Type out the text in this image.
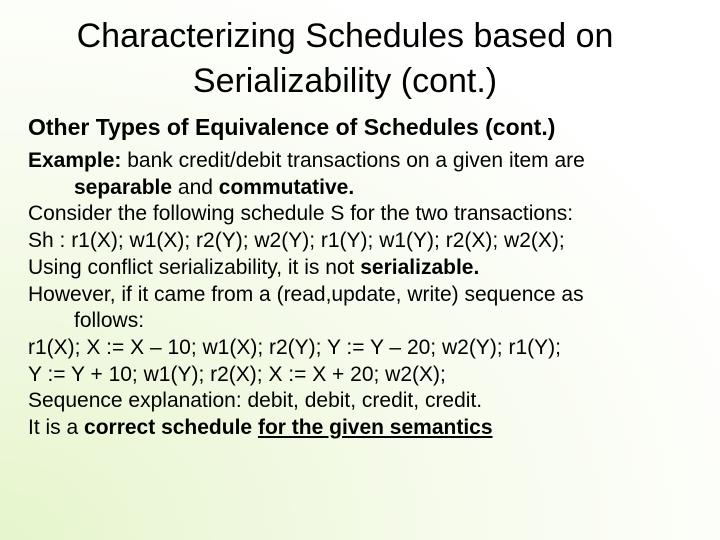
Characterizing Schedules based on
Serializability (cont.)
Other Types of Equivalence of Schedules (cont.)
Example: bank credit/debit transactions on a given item are
separable and commutative.
Consider the following schedule S for the two transactions:
Sh : r1(X); w1(X); r2(Y); w2(Y); r1(Y); w1(Y); r2(X); w2(X);
Using conflict serializability, it is not serializable.
However, if it came from a (read,update, write) sequence as
follows:
r1(X); X := X – 10; w1(X); r2(Y); Y := Y – 20; w2(Y); r1(Y);
Y := Y + 10; w1(Y); r2(X); X := X + 20; w2(X);
Sequence explanation: debit, debit, credit, credit.
It is a correct schedule for the given semantics
